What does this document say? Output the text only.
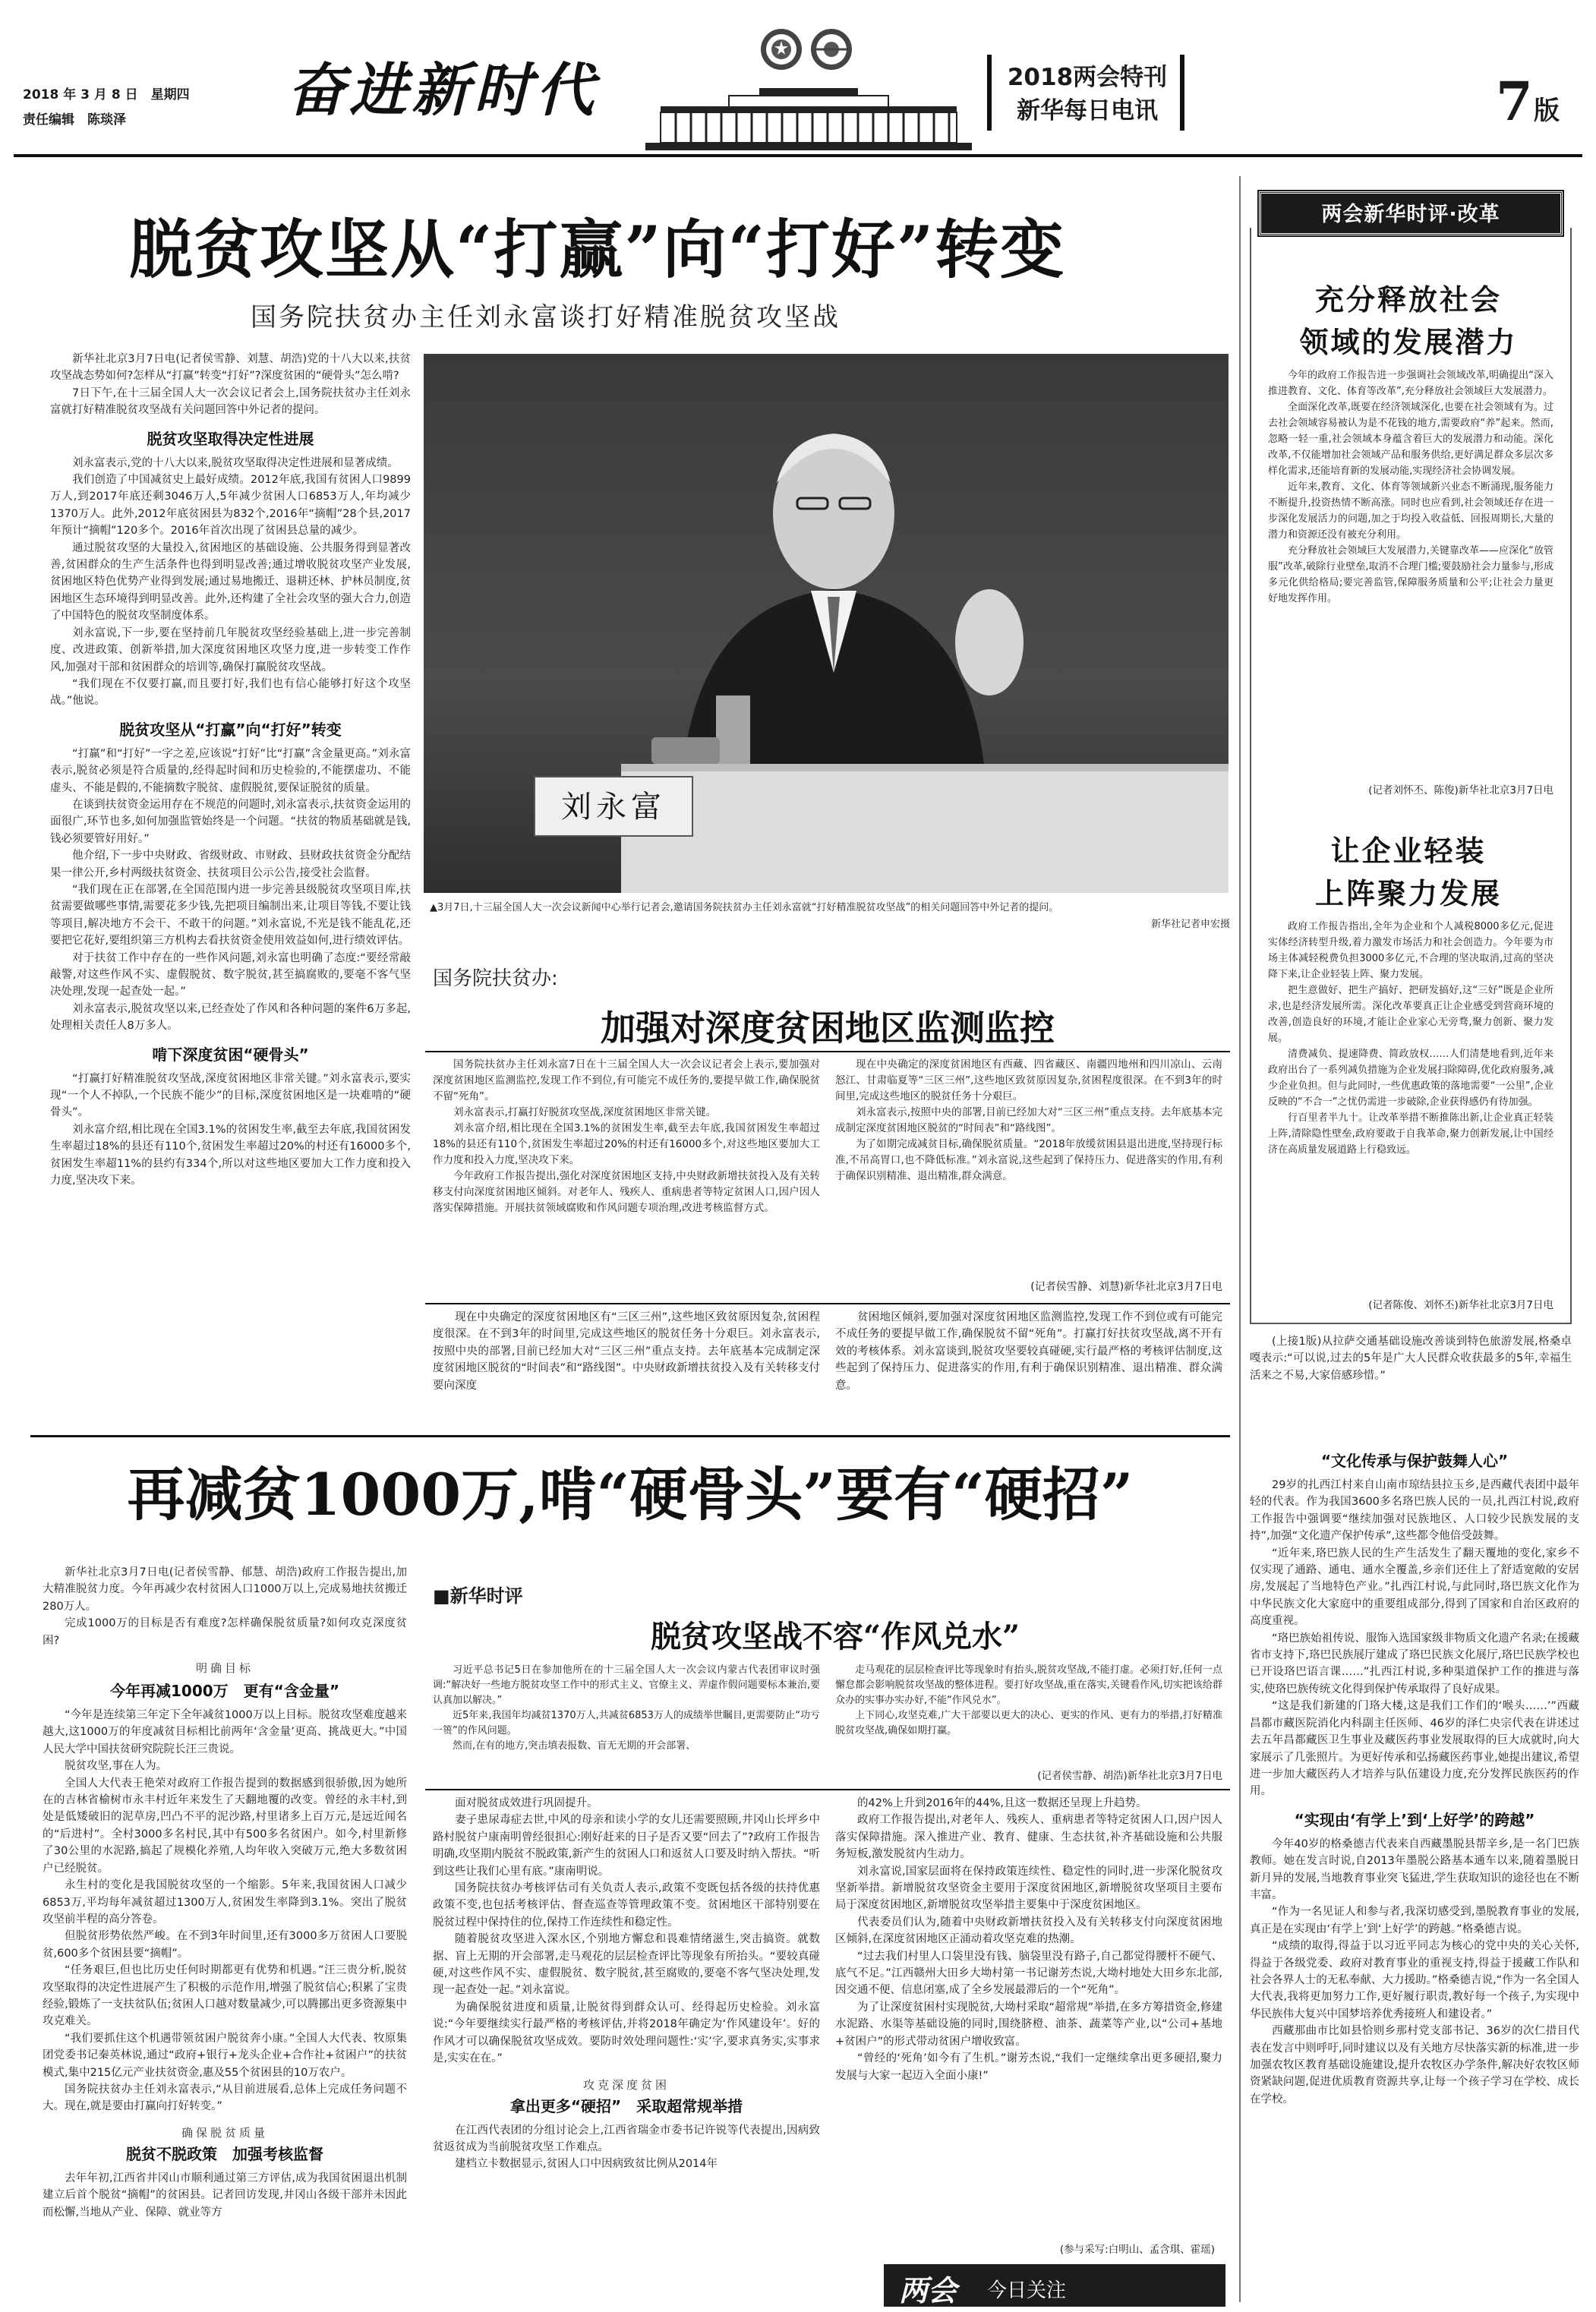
2018 年 3 月 8 日　星期四
责任编辑　陈琰泽	奋进新时代	2018两会特刊
新华每日电讯	7 版
脱贫攻坚从“打赢”向“打好”转变
国务院扶贫办主任刘永富谈打好精准脱贫攻坚战

新华社北京3月7日电(记者侯雪静、刘慧、胡浩)党的十八大以来,扶贫攻坚战态势如何?怎样从“打赢”转变“打好”?深度贫困的“硬骨头”怎么啃?

7日下午,在十三届全国人大一次会议记者会上,国务院扶贫办主任刘永富就打好精准脱贫攻坚战有关问题回答中外记者的提问。

脱贫攻坚取得决定性进展

刘永富表示,党的十八大以来,脱贫攻坚取得决定性进展和显著成绩。

我们创造了中国减贫史上最好成绩。2012年底,我国有贫困人口9899万人,到2017年底还剩3046万人,5年减少贫困人口6853万人,年均减少1370万人。此外,2012年底贫困县为832个,2016年“摘帽”28个县,2017年预计“摘帽”120多个。2016年首次出现了贫困县总量的减少。

通过脱贫攻坚的大量投入,贫困地区的基础设施、公共服务得到显著改善,贫困群众的生产生活条件也得到明显改善;通过增收脱贫攻坚产业发展,贫困地区特色优势产业得到发展;通过易地搬迁、退耕还林、护林员制度,贫困地区生态环境得到明显改善。此外,还构建了全社会攻坚的强大合力,创造了中国特色的脱贫攻坚制度体系。

刘永富说,下一步,要在坚持前几年脱贫攻坚经验基础上,进一步完善制度、改进政策、创新举措,加大深度贫困地区攻坚力度,进一步转变工作作风,加强对干部和贫困群众的培训等,确保打赢脱贫攻坚战。

“我们现在不仅要打赢,而且要打好,我们也有信心能够打好这个攻坚战。”他说。

脱贫攻坚从“打赢”向“打好”转变

“打赢”和“打好”一字之差,应该说“打好”比“打赢”含金量更高。”刘永富表示,脱贫必须是符合质量的,经得起时间和历史检验的,不能摆虚功、不能虚头、不能是假的,不能摘数字脱贫、虚假脱贫,要保证脱贫的质量。

在谈到扶贫资金运用存在不规范的问题时,刘永富表示,扶贫资金运用的面很广,环节也多,如何加强监管始终是一个问题。“扶贫的物质基础就是钱,钱必须要管好用好。”

他介绍,下一步中央财政、省级财政、市财政、县财政扶贫资金分配结果一律公开,乡村两级扶贫资金、扶贫项目公示公告,接受社会监督。

“我们现在正在部署,在全国范围内进一步完善县级脱贫攻坚项目库,扶贫需要做哪些事情,需要花多少钱,先把项目编制出来,让项目等钱,不要让钱等项目,解决地方不会干、不敢干的问题。”刘永富说,不光是钱不能乱花,还要把它花好,要组织第三方机构去看扶贫资金使用效益如何,进行绩效评估。

对于扶贫工作中存在的一些作风问题,刘永富也明确了态度:“要经常敲敲警,对这些作风不实、虚假脱贫、数字脱贫,甚至搞腐败的,要毫不客气坚决处理,发现一起查处一起。”

刘永富表示,脱贫攻坚以来,已经查处了作风和各种问题的案件6万多起,处理相关责任人8万多人。

啃下深度贫困“硬骨头”

“打赢打好精准脱贫攻坚战,深度贫困地区非常关键。”刘永富表示,要实现“一个人不掉队,一个民族不能少”的目标,深度贫困地区是一块难啃的“硬骨头”。

刘永富介绍,相比现在全国3.1%的贫困发生率,截至去年底,我国贫困发生率超过18%的县还有110个,贫困发生率超过20%的村还有16000多个,贫困发生率超11%的县约有334个,所以对这些地区要加大工作力度和投入力度,坚决攻下来。

刘永富
▲3月7日,十三届全国人大一次会议新闻中心举行记者会,邀请国务院扶贫办主任刘永富就“打好精准脱贫攻坚战”的相关问题回答中外记者的提问。
新华社记者申宏摄
国务院扶贫办:
加强对深度贫困地区监测监控

国务院扶贫办主任刘永富7日在十三届全国人大一次会议记者会上表示,要加强对深度贫困地区监测监控,发现工作不到位,有可能完不成任务的,要提早做工作,确保脱贫不留“死角”。

刘永富表示,打赢打好脱贫攻坚战,深度贫困地区非常关键。

刘永富介绍,相比现在全国3.1%的贫困发生率,截至去年底,我国贫困发生率超过18%的县还有110个,贫困发生率超过20%的村还有16000多个,对这些地区要加大工作力度和投入力度,坚决攻下来。

今年政府工作报告提出,强化对深度贫困地区支持,中央财政新增扶贫投入及有关转移支付向深度贫困地区倾斜。对老年人、残疾人、重病患者等特定贫困人口,因户因人落实保障措施。开展扶贫领域腐败和作风问题专项治理,改进考核监督方式。

现在中央确定的深度贫困地区有西藏、四省藏区、南疆四地州和四川凉山、云南怒江、甘肃临夏等“三区三州”,这些地区致贫原因复杂,贫困程度很深。在不到3年的时间里,完成这些地区的脱贫任务十分艰巨。

刘永富表示,按照中央的部署,目前已经加大对“三区三州”重点支持。去年底基本完成制定深度贫困地区脱贫的“时间表”和“路线图”。

为了如期完成减贫目标,确保脱贫质量。“2018年放缓贫困县退出进度,坚持现行标准,不吊高胃口,也不降低标准。”刘永富说,这些起到了保持压力、促进落实的作用,有利于确保识别精准、退出精准,群众满意。

(记者侯雪静、刘慧)新华社北京3月7日电

现在中央确定的深度贫困地区有“三区三州”,这些地区致贫原因复杂,贫困程度很深。在不到3年的时间里,完成这些地区的脱贫任务十分艰巨。刘永富表示,按照中央的部署,目前已经加大对“三区三州”重点支持。去年底基本完成制定深度贫困地区脱贫的“时间表”和“路线图”。中央财政新增扶贫投入及有关转移支付要向深度

贫困地区倾斜,要加强对深度贫困地区监测监控,发现工作不到位或有可能完不成任务的要提早做工作,确保脱贫不留“死角”。打赢打好扶贫攻坚战,离不开有效的考核体系。刘永富谈到,脱贫攻坚要较真碰硬,实行最严格的考核评估制度,这些起到了保持压力、促进落实的作用,有利于确保识别精准、退出精准、群众满意。

两会新华时评·改革
充分释放社会
领域的发展潜力

今年的政府工作报告进一步强调社会领域改革,明确提出“深入推进教育、文化、体育等改革”,充分释放社会领域巨大发展潜力。

全面深化改革,既要在经济领域深化,也要在社会领域有为。过去社会领域容易被认为是不花钱的地方,需要政府“养”起来。然而,忽略一轻一重,社会领域本身蕴含着巨大的发展潜力和动能。深化改革,不仅能增加社会领域产品和服务供给,更好满足群众多层次多样化需求,还能培育新的发展动能,实现经济社会协调发展。

近年来,教育、文化、体育等领域新兴业态不断涌现,服务能力不断提升,投资热情不断高涨。同时也应看到,社会领域还存在进一步深化发展活力的问题,加之于均投入收益低、回报周期长,大量的潜力和资源还没有被充分利用。

充分释放社会领域巨大发展潜力,关键靠改革——应深化“放管服”改革,破除行业壁垒,取消不合理门槛;要鼓励社会力量参与,形成多元化供给格局;要完善监管,保障服务质量和公平;让社会力量更好地发挥作用。

(记者刘怀丕、陈俊)新华社北京3月7日电
让企业轻装
上阵聚力发展

政府工作报告指出,全年为企业和个人减税8000多亿元,促进实体经济转型升级,着力激发市场活力和社会创造力。今年要为市场主体减轻税费负担3000多亿元,不合理的坚决取消,过高的坚决降下来,让企业轻装上阵、聚力发展。

把生意做好、把生产搞好、把研发搞好,这“三好”既是企业所求,也是经济发展所需。深化改革要真正让企业感受到营商环境的改善,创造良好的环境,才能让企业家心无旁骛,聚力创新、聚力发展。

清费减负、提速降费、简政放权……人们清楚地看到,近年来政府出台了一系列减负措施为企业发展扫除障碍,优化政府服务,减少企业负担。但与此同时,一些优惠政策的落地需要“一公里”,企业反映的“不合一”之忧仍需进一步破除,企业获得感仍有待加强。

行百里者半九十。让改革举措不断推陈出新,让企业真正轻装上阵,清除隐性壁垒,政府要敢于自我革命,聚力创新发展,让中国经济在高质量发展道路上行稳致远。

(记者陈俊、刘怀丕)新华社北京3月7日电

(上接1版)从拉萨交通基础设施改善谈到特色旅游发展,格桑卓嘎表示:“可以说,过去的5年是广大人民群众收获最多的5年,幸福生活来之不易,大家倍感珍惜。”

再减贫1000万,啃“硬骨头”要有“硬招”

新华社北京3月7日电(记者侯雪静、郁慧、胡浩)政府工作报告提出,加大精准脱贫力度。今年再减少农村贫困人口1000万以上,完成易地扶贫搬迁280万人。

完成1000万的目标是否有难度?怎样确保脱贫质量?如何攻克深度贫困?

明确目标
今年再减1000万　更有“含金量”

“今年是连续第三年定下全年减贫1000万以上目标。脱贫攻坚难度越来越大,这1000万的年度减贫目标相比前两年‘含金量’更高、挑战更大。”中国人民大学中国扶贫研究院院长汪三贵说。

脱贫攻坚,事在人为。

全国人大代表王艳荣对政府工作报告提到的数据感到很骄傲,因为她所在的吉林省榆树市永丰村近年来发生了天翻地覆的改变。曾经的永丰村,到处是低矮破旧的泥草房,凹凸不平的泥沙路,村里诸多上百万元,是远近闻名的“后进村”。全村3000多名村民,其中有500多名贫困户。如今,村里新修了30公里的水泥路,搞起了规模化养殖,人均年收入突破万元,绝大多数贫困户已经脱贫。

永生村的变化是我国脱贫攻坚的一个缩影。5年来,我国贫困人口减少6853万,平均每年减贫超过1300万人,贫困发生率降到3.1%。突出了脱贫攻坚前半程的高分答卷。

但脱贫形势依然严峻。在不到3年时间里,还有3000多万贫困人口要脱贫,600多个贫困县要“摘帽”。

“任务艰巨,但也比历史任何时期都更有优势和机遇。”汪三贵分析,脱贫攻坚取得的决定性进展产生了积极的示范作用,增强了脱贫信心;积累了宝贵经验,锻炼了一支扶贫队伍;贫困人口越对数量减少,可以腾挪出更多资源集中攻克难关。

“我们要抓住这个机遇带领贫困户脱贫奔小康。”全国人大代表、牧原集团党委书记秦英林说,通过“政府+银行+龙头企业+合作社+贫困户”的扶贫模式,集中215亿元产业扶贫资金,惠及55个贫困县的10万农户。

国务院扶贫办主任刘永富表示,“从目前进展看,总体上完成任务问题不大。现在,就是要由打赢向打好转变。”

确保脱贫质量
脱贫不脱政策　加强考核监督

去年年初,江西省井冈山市顺利通过第三方评估,成为我国贫困退出机制建立后首个脱贫“摘帽”的贫困县。记者回访发现,井冈山各级干部并未因此而松懈,当地从产业、保障、就业等方

■新华时评
脱贫攻坚战不容“作风兑水”

习近平总书记5日在参加他所在的十三届全国人大一次会议内蒙古代表团审议时强调:“解决好一些地方脱贫攻坚工作中的形式主义、官僚主义、弄虚作假问题要标本兼治,要认真加以解决。”

近5年来,我国年均减贫1370万人,共减贫6853万人的成绩举世瞩目,更需要防止“功亏一篑”的作风问题。

然而,在有的地方,突击填表报数、盲无无期的开会部署、

走马观花的层层检查评比等现象时有抬头,脱贫攻坚战,不能打虚。必须打好,任何一点懈怠都会影响脱贫攻坚战的整体进程。要打好攻坚战,重在落实,关键看作风,切实把该给群众办的实事办实办好,不能“作风兑水”。

上下同心,攻坚克难,广大干部要以更大的决心、更实的作风、更有力的举措,打好精准脱贫攻坚战,确保如期打赢。

(记者侯雪静、胡浩)新华社北京3月7日电

面对脱贫成效进行巩固提升。

妻子患尿毒症去世,中风的母亲和读小学的女儿还需要照顾,井冈山长坪乡中路村脱贫户康南明曾经很担心:刚好赶来的日子是否又要“回去了”?政府工作报告明确,攻坚期内脱贫不脱政策,新产生的贫困人口和返贫人口要及时纳入帮扶。“听到这些让我们心里有底。”康南明说。

国务院扶贫办考核评估司有关负责人表示,政策不变既包括各级的扶持优惠政策不变,也包括考核评估、督查巡查等管理政策不变。贫困地区干部特别要在脱贫过程中保持住的位,保持工作连续性和稳定性。

随着脱贫攻坚进入深水区,个别地方懈怠和畏难情绪滋生,突击搞资。就数据、盲上无期的开会部署,走马观花的层层检查评比等现象有所抬头。“要较真碰硬,对这些作风不实、虚假脱贫、数字脱贫,甚至腐败的,要毫不客气坚决处理,发现一起查处一起。”刘永富说。

为确保脱贫进度和质量,让脱贫得到群众认可、经得起历史检验。刘永富说:“今年要继续实行最严格的考核评估,并将2018年确定为‘作风建设年’。好的作风才可以确保脱贫攻坚成效。要防时效处理问题性:‘实’字,要求真务实,实事求是,实实在在。”

攻克深度贫困
拿出更多“硬招”　采取超常规举措

在江西代表团的分组讨论会上,江西省瑞金市委书记许锐等代表提出,因病致贫返贫成为当前脱贫攻坚工作难点。

建档立卡数据显示,贫困人口中因病致贫比例从2014年

的42%上升到2016年的44%,且这一数据还呈现上升趋势。

政府工作报告提出,对老年人、残疾人、重病患者等特定贫困人口,因户因人落实保障措施。深入推进产业、教育、健康、生态扶贫,补齐基础设施和公共服务短板,激发脱贫内生动力。

刘永富说,国家层面将在保持政策连续性、稳定性的同时,进一步深化脱贫攻坚新举措。新增脱贫攻坚资金主要用于深度贫困地区,新增脱贫攻坚项目主要布局于深度贫困地区,新增脱贫攻坚举措主要集中于深度贫困地区。

代表委员们认为,随着中央财政新增扶贫投入及有关转移支付向深度贫困地区倾斜,在深度贫困地区正涌动着攻坚克难的热潮。

“过去我们村里人口袋里没有钱、脑袋里没有路子,自己都觉得腰杆不硬气、底气不足。”江西赣州大田乡大坳村第一书记谢芳杰说,大坳村地处大田乡东北部,因交通不便、信息闭塞,成了全乡发展最滞后的一个“死角”。

为了让深度贫困村实现脱贫,大坳村采取“超常规”举措,在多方筹措资金,修建水泥路、水渠等基础设施的同时,围绕脐橙、油茶、蔬菜等产业,以“公司+基地+贫困户”的形式带动贫困户增收致富。

“曾经的‘死角’如今有了生机。”谢芳杰说,“我们一定继续拿出更多硬招,聚力发展与大家一起迈入全面小康!”

(参与采写:白明山、孟含琪、霍瑶)
两会 今日关注
“文化传承与保护鼓舞人心”

29岁的扎西江村来自山南市琼结县拉玉乡,是西藏代表团中最年轻的代表。作为我国3600多名珞巴族人民的一员,扎西江村说,政府工作报告中强调要“继续加强对民族地区、人口较少民族发展的支持”,加强“文化遗产保护传承”,这些都令他倍受鼓舞。

“近年来,珞巴族人民的生产生活发生了翻天覆地的变化,家乡不仅实现了通路、通电、通水全覆盖,乡亲们还住上了舒适宽敞的安居房,发展起了当地特色产业。”扎西江村说,与此同时,珞巴族文化作为中华民族文化大家庭中的重要组成部分,得到了国家和自治区政府的高度重视。

“珞巴族始祖传说、服饰入选国家级非物质文化遗产名录;在援藏省市支持下,珞巴民族展厅建成了珞巴民族文化展厅,珞巴民族学校也已开设珞巴语言课……”扎西江村说,多种渠道保护工作的推进与落实,使珞巴族传统文化得到保护传承取得了良好成果。

“这是我们新建的门珞大楼,这是我们工作们的‘喉头……’”西藏昌都市藏医院消化内科副主任医师、46岁的泽仁央宗代表在讲述过去五年昌都藏医卫生事业及藏医药事业发展取得的巨大成就时,向大家展示了几张照片。为更好传承和弘扬藏医药事业,她提出建议,希望进一步加大藏医药人才培养与队伍建设力度,充分发挥民族医药的作用。

“实现由‘有学上’到‘上好学’的跨越”

今年40岁的格桑德吉代表来自西藏墨脱县帮辛乡,是一名门巴族教师。她在发言时说,自2013年墨脱公路基本通车以来,随着墨脱日新月异的发展,当地教育事业突飞猛进,学生获取知识的途径也在不断丰富。

“作为一名见证人和参与者,我深切感受到,墨脱教育事业的发展,真正是在实现由‘有学上’到‘上好学’的跨越。”格桑德吉说。

“成绩的取得,得益于以习近平同志为核心的党中央的关心关怀,得益于各级党委、政府对教育事业的重视支持,得益于援藏工作队和社会各界人士的无私奉献、大力援助。”格桑德吉说,“作为一名全国人大代表,我将更加努力工作,更好履行职责,教好每一个孩子,为实现中华民族伟大复兴中国梦培养优秀接班人和建设者。”

西藏那曲市比如县恰则乡那村党支部书记、36岁的次仁措目代表在发言中则呼吁,同时建议以及有关地方尽快落实新的标准,进一步加强农牧区教育基础设施建设,提升农牧区办学条件,解决好农牧区师资紧缺问题,促进优质教育资源共享,让每一个孩子学习在学校、成长在学校。
